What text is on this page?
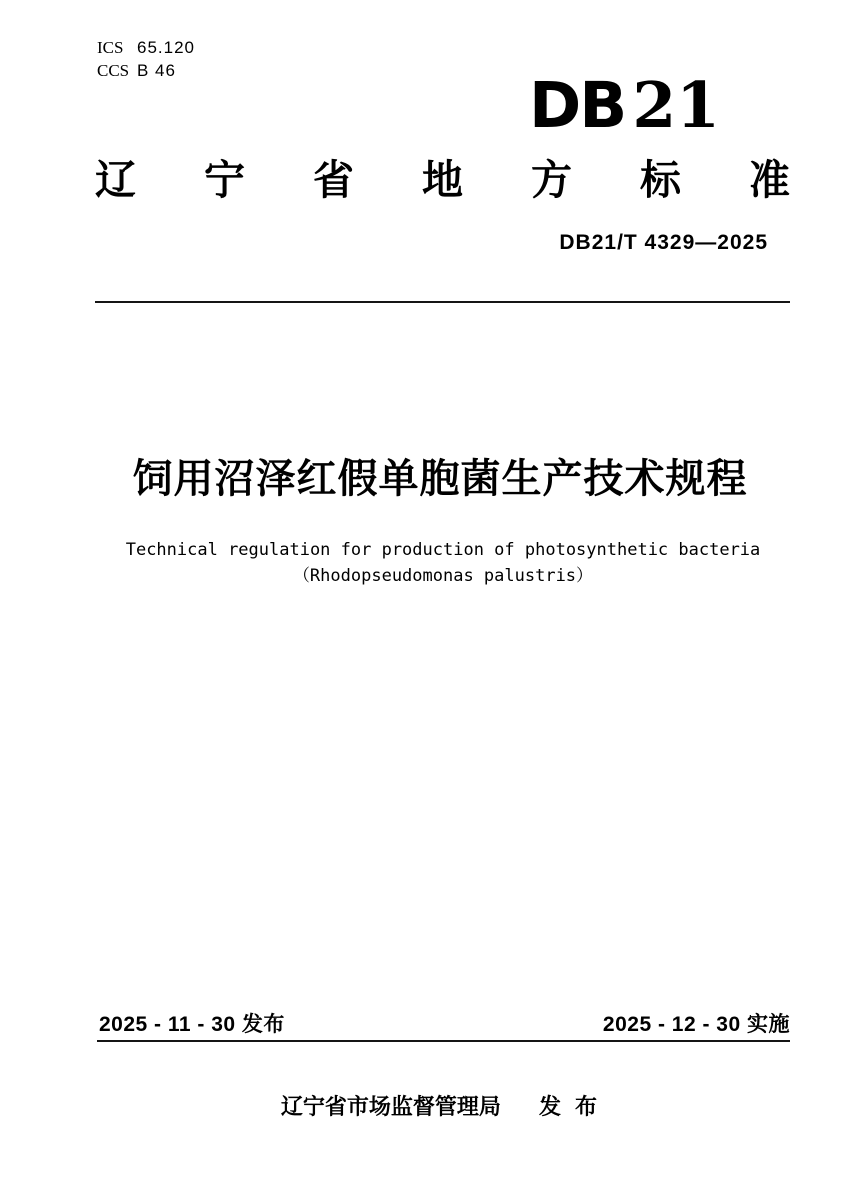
ICS 65.120
CCS B 46	DB 21
辽 宁 省 地 方 标 准
DB21/T 4329—2025
饲用沼泽红假单胞菌生产技术规程
Technical regulation for production of photosynthetic bacteria
（Rhodopseudomonas palustris）
2025 - 11 - 30 发布	2025 - 12 - 30 实施
辽宁省市场监督管理局 发 布
